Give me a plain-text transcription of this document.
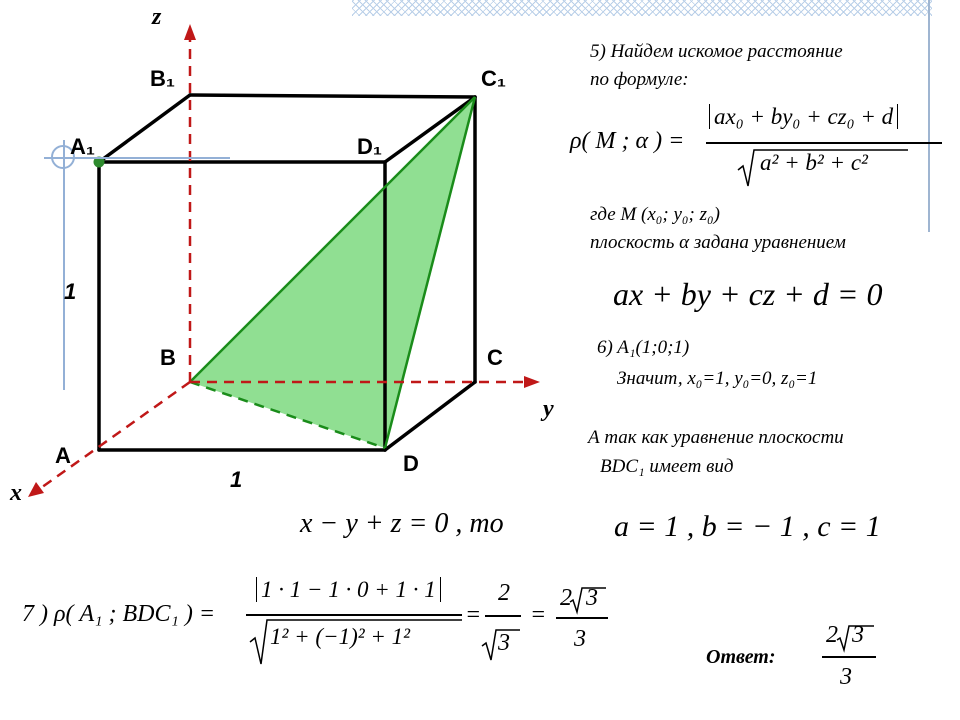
B₁	C₁
A₁	D₁
B	C
A	D
z
y
x
1
1
5) Найдем искомое расстояние
по формуле:
ρ( M ; α ) =
ax₀ + by₀ + cz₀ + d
a² + b² + c²
где М (x₀; y₀; z₀)
плоскость α задана уравнением
ax + by + cz + d = 0
6) A₁(1;0;1)
Значит, x₀=1, y₀=0, z₀=1
А так как уравнение плоскости
BDC₁ имеет вид
x − y + z = 0 , то	a = 1 , b = − 1 , c = 1
7 ) ρ( A₁ ; BDC₁ ) =
1 · 1 − 1 · 0 + 1 · 1
1² + (−1)² + 1²
=
2
3
=
2 3
3
Ответ:
2 3
3
